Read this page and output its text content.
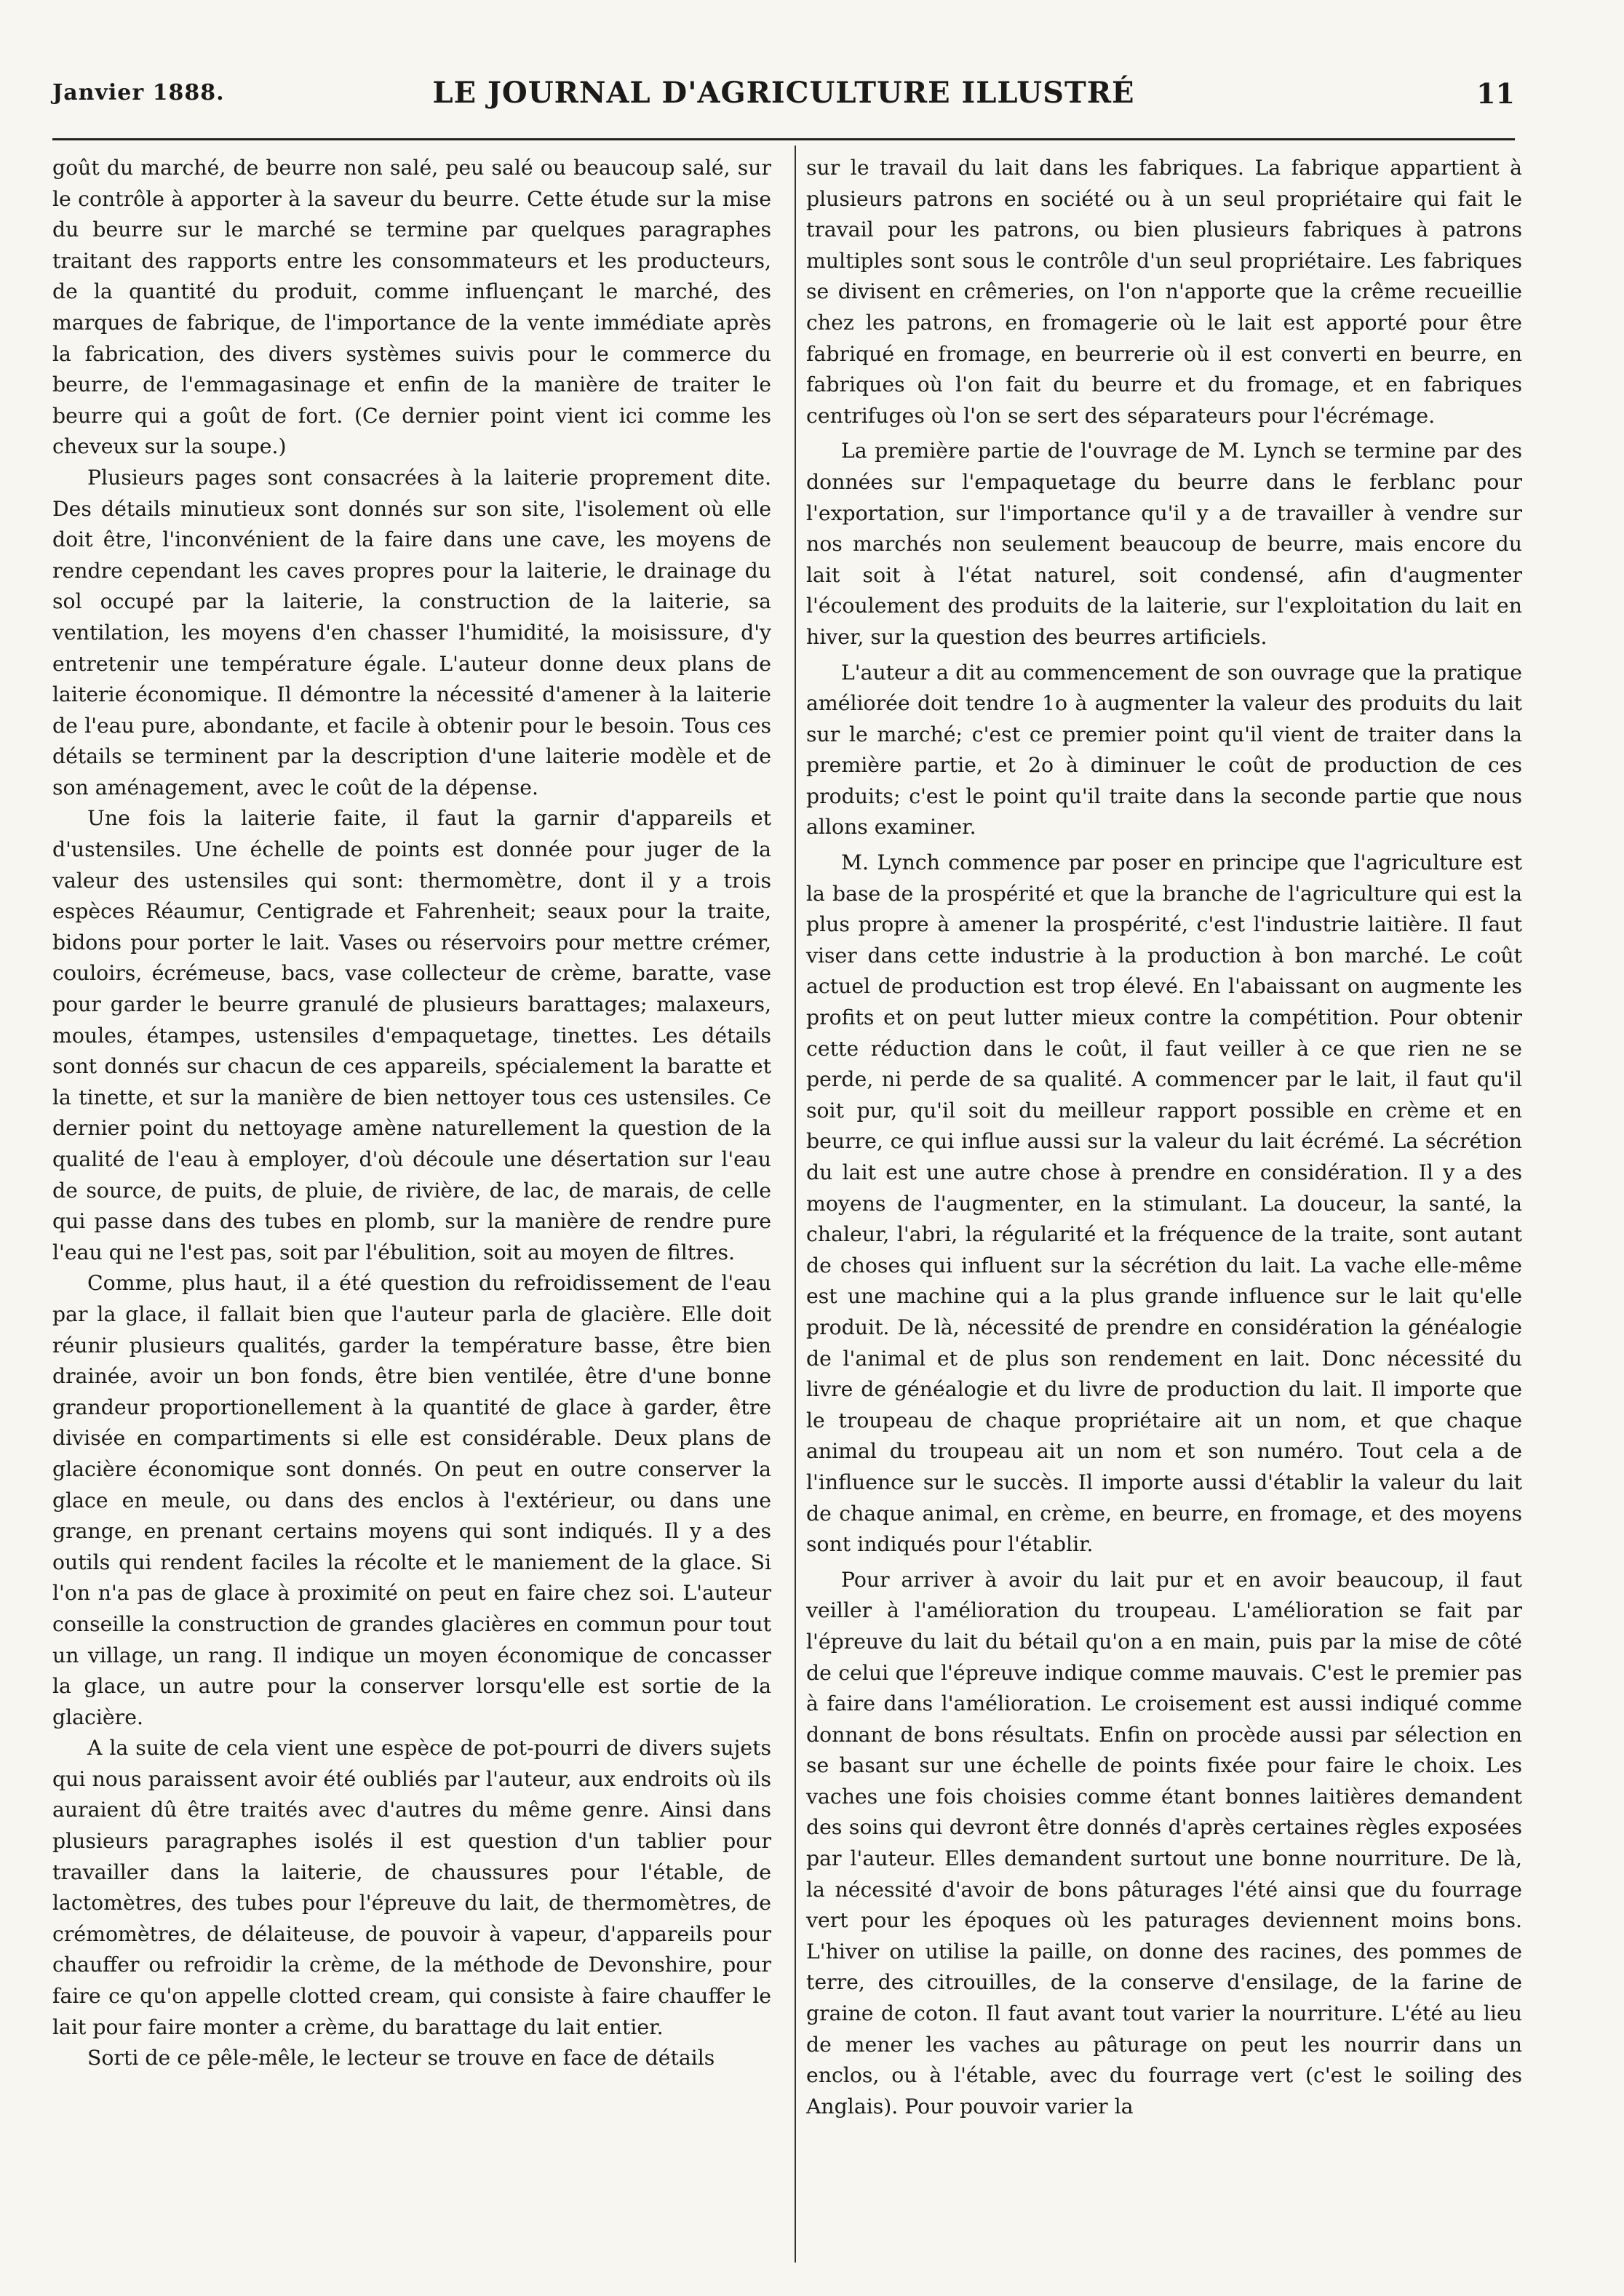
Janvier 1888.	LE JOURNAL D'AGRICULTURE ILLUSTRÉ	11

goût du marché, de beurre non salé, peu salé ou beaucoup salé, sur le contrôle à apporter à la saveur du beurre. Cette étude sur la mise du beurre sur le marché se termine par quelques paragraphes traitant des rapports entre les consommateurs et les producteurs, de la quantité du produit, comme influençant le marché, des marques de fabrique, de l'importance de la vente immédiate après la fabrication, des divers systèmes suivis pour le commerce du beurre, de l'emmagasinage et enfin de la manière de traiter le beurre qui a goût de fort. (Ce dernier point vient ici comme les cheveux sur la soupe.)

Plusieurs pages sont consacrées à la laiterie proprement dite. Des détails minutieux sont donnés sur son site, l'isolement où elle doit être, l'inconvénient de la faire dans une cave, les moyens de rendre cependant les caves propres pour la laiterie, le drainage du sol occupé par la laiterie, la construction de la laiterie, sa ventilation, les moyens d'en chasser l'humidité, la moisissure, d'y entretenir une température égale. L'auteur donne deux plans de laiterie économique. Il démontre la nécessité d'amener à la laiterie de l'eau pure, abondante, et facile à obtenir pour le besoin. Tous ces détails se terminent par la description d'une laiterie modèle et de son aménagement, avec le coût de la dépense.

Une fois la laiterie faite, il faut la garnir d'appareils et d'ustensiles. Une échelle de points est donnée pour juger de la valeur des ustensiles qui sont: thermomètre, dont il y a trois espèces Réaumur, Centigrade et Fahrenheit; seaux pour la traite, bidons pour porter le lait. Vases ou réservoirs pour mettre crémer, couloirs, écrémeuse, bacs, vase collecteur de crème, baratte, vase pour garder le beurre granulé de plusieurs barattages; malaxeurs, moules, étampes, ustensiles d'empaquetage, tinettes. Les détails sont donnés sur chacun de ces appareils, spécialement la baratte et la tinette, et sur la manière de bien nettoyer tous ces ustensiles. Ce dernier point du nettoyage amène naturellement la question de la qualité de l'eau à employer, d'où découle une désertation sur l'eau de source, de puits, de pluie, de rivière, de lac, de marais, de celle qui passe dans des tubes en plomb, sur la manière de rendre pure l'eau qui ne l'est pas, soit par l'ébulition, soit au moyen de filtres.

Comme, plus haut, il a été question du refroidissement de l'eau par la glace, il fallait bien que l'auteur parla de glacière. Elle doit réunir plusieurs qualités, garder la température basse, être bien drainée, avoir un bon fonds, être bien ventilée, être d'une bonne grandeur proportionellement à la quantité de glace à garder, être divisée en compartiments si elle est considérable. Deux plans de glacière économique sont donnés. On peut en outre conserver la glace en meule, ou dans des enclos à l'extérieur, ou dans une grange, en prenant certains moyens qui sont indiqués. Il y a des outils qui rendent faciles la récolte et le maniement de la glace. Si l'on n'a pas de glace à proximité on peut en faire chez soi. L'auteur conseille la construction de grandes glacières en commun pour tout un village, un rang. Il indique un moyen économique de concasser la glace, un autre pour la conserver lorsqu'elle est sortie de la glacière.

A la suite de cela vient une espèce de pot-pourri de divers sujets qui nous paraissent avoir été oubliés par l'auteur, aux endroits où ils auraient dû être traités avec d'autres du même genre. Ainsi dans plusieurs paragraphes isolés il est question d'un tablier pour travailler dans la laiterie, de chaussures pour l'étable, de lactomètres, des tubes pour l'épreuve du lait, de thermomètres, de crémomètres, de délaiteuse, de pouvoir à vapeur, d'appareils pour chauffer ou refroidir la crème, de la méthode de Devonshire, pour faire ce qu'on appelle clotted cream, qui consiste à faire chauffer le lait pour faire monter a crème, du barattage du lait entier.

Sorti de ce pêle-mêle, le lecteur se trouve en face de détails

sur le travail du lait dans les fabriques. La fabrique appartient à plusieurs patrons en société ou à un seul propriétaire qui fait le travail pour les patrons, ou bien plusieurs fabriques à patrons multiples sont sous le contrôle d'un seul propriétaire. Les fabriques se divisent en crêmeries, on l'on n'apporte que la crême recueillie chez les patrons, en fromagerie où le lait est apporté pour être fabriqué en fromage, en beurrerie où il est converti en beurre, en fabriques où l'on fait du beurre et du fromage, et en fabriques centrifuges où l'on se sert des séparateurs pour l'écrémage.

La première partie de l'ouvrage de M. Lynch se termine par des données sur l'empaquetage du beurre dans le ferblanc pour l'exportation, sur l'importance qu'il y a de travailler à vendre sur nos marchés non seulement beaucoup de beurre, mais encore du lait soit à l'état naturel, soit condensé, afin d'augmenter l'écoulement des produits de la laiterie, sur l'exploitation du lait en hiver, sur la question des beurres artificiels.

L'auteur a dit au commencement de son ouvrage que la pratique améliorée doit tendre 1o à augmenter la valeur des produits du lait sur le marché; c'est ce premier point qu'il vient de traiter dans la première partie, et 2o à diminuer le coût de production de ces produits; c'est le point qu'il traite dans la seconde partie que nous allons examiner.

M. Lynch commence par poser en principe que l'agriculture est la base de la prospérité et que la branche de l'agriculture qui est la plus propre à amener la prospérité, c'est l'industrie laitière. Il faut viser dans cette industrie à la production à bon marché. Le coût actuel de production est trop élevé. En l'abaissant on augmente les profits et on peut lutter mieux contre la compétition. Pour obtenir cette réduction dans le coût, il faut veiller à ce que rien ne se perde, ni perde de sa qualité. A commencer par le lait, il faut qu'il soit pur, qu'il soit du meilleur rapport possible en crème et en beurre, ce qui influe aussi sur la valeur du lait écrémé. La sécrétion du lait est une autre chose à prendre en considération. Il y a des moyens de l'augmenter, en la stimulant. La douceur, la santé, la chaleur, l'abri, la régularité et la fréquence de la traite, sont autant de choses qui influent sur la sécrétion du lait. La vache elle-même est une machine qui a la plus grande influence sur le lait qu'elle produit. De là, nécessité de prendre en considération la généalogie de l'animal et de plus son rendement en lait. Donc nécessité du livre de généalogie et du livre de production du lait. Il importe que le troupeau de chaque propriétaire ait un nom, et que chaque animal du troupeau ait un nom et son numéro. Tout cela a de l'influence sur le succès. Il importe aussi d'établir la valeur du lait de chaque animal, en crème, en beurre, en fromage, et des moyens sont indiqués pour l'établir.

Pour arriver à avoir du lait pur et en avoir beaucoup, il faut veiller à l'amélioration du troupeau. L'amélioration se fait par l'épreuve du lait du bétail qu'on a en main, puis par la mise de côté de celui que l'épreuve indique comme mauvais. C'est le premier pas à faire dans l'amélioration. Le croisement est aussi indiqué comme donnant de bons résultats. Enfin on procède aussi par sélection en se basant sur une échelle de points fixée pour faire le choix. Les vaches une fois choisies comme étant bonnes laitières demandent des soins qui devront être donnés d'après certaines règles exposées par l'auteur. Elles demandent surtout une bonne nourriture. De là, la nécessité d'avoir de bons pâturages l'été ainsi que du fourrage vert pour les époques où les paturages deviennent moins bons. L'hiver on utilise la paille, on donne des racines, des pommes de terre, des citrouilles, de la conserve d'ensilage, de la farine de graine de coton. Il faut avant tout varier la nourriture. L'été au lieu de mener les vaches au pâturage on peut les nourrir dans un enclos, ou à l'étable, avec du fourrage vert (c'est le soiling des Anglais). Pour pouvoir varier la
